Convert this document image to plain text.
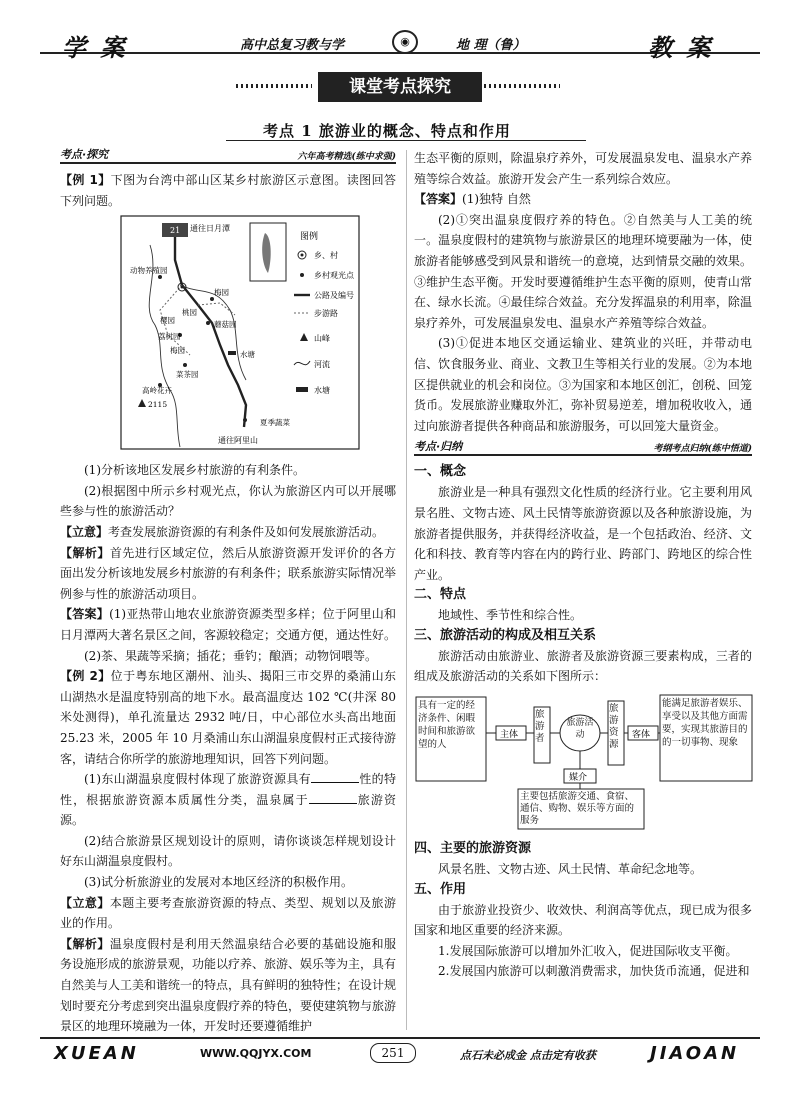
学 案	高中总复习教与学	◉	地 理（鲁）	教 案
课堂考点探究
考点 1 旅游业的概念、特点和作用
考点·探究	六年高考精选(练中求强)

【例 1】下图为台湾中部山区某乡村旅游区示意图。读图回答下列问题。

通往日月潭
21
动物养殖园
桃园
梅园
蘑菇园
樱园
荔树园
梅园
菜茶园
水塘
高岭花卉
2115
夏季蔬菜
通往阿里山
图例
乡、村
乡村观光点
公路及编号
步游路
山峰
河流
水塘

(1)分析该地区发展乡村旅游的有利条件。

(2)根据图中所示乡村观光点，你认为旅游区内可以开展哪些参与性的旅游活动？

【立意】考查发展旅游资源的有利条件及如何发展旅游活动。

【解析】首先进行区域定位，然后从旅游资源开发评价的各方面出发分析该地发展乡村旅游的有利条件；联系旅游实际情况举例参与性的旅游活动项目。

【答案】(1)亚热带山地农业旅游资源类型多样；位于阿里山和日月潭两大著名景区之间，客源较稳定；交通方便，通达性好。

(2)茶、果蔬等采摘；插花；垂钓；酿酒；动物饲喂等。

【例 2】位于粤东地区潮州、汕头、揭阳三市交界的桑浦山东山湖热水是温度特别高的地下水。最高温度达 102 ℃(井深 80 米处测得)，单孔流量达 2932 吨/日，中心部位水头高出地面 25.23 米，2005 年 10 月桑浦山东山湖温泉度假村正式接待游客，请结合你所学的旅游地理知识，回答下列问题。

(1)东山湖温泉度假村体现了旅游资源具有	性的特性，根据旅游资源本质属性分类，温泉属于	旅游资源。

(2)结合旅游景区规划设计的原则，请你谈谈怎样规划设计好东山湖温泉度假村。

(3)试分析旅游业的发展对本地区经济的积极作用。

【立意】本题主要考查旅游资源的特点、类型、规划以及旅游业的作用。

【解析】温泉度假村是利用天然温泉结合必要的基础设施和服务设施形成的旅游景观，功能以疗养、旅游、娱乐等为主，具有自然美与人工美和谐统一的特点，具有鲜明的独特性；在设计规划时要充分考虑到突出温泉度假疗养的特色，要使建筑物与旅游景区的地理环境融为一体，开发时还要遵循维护

生态平衡的原则，除温泉疗养外，可发展温泉发电、温泉水产养殖等综合效益。旅游开发会产生一系列综合效应。

【答案】(1)独特 自然

(2)①突出温泉度假疗养的特色。②自然美与人工美的统一。温泉度假村的建筑物与旅游景区的地理环境要融为一体，使旅游者能够感受到风景和谐统一的意境，达到情景交融的效果。③维护生态平衡。开发时要遵循维护生态平衡的原则，使青山常在、绿水长流。④最佳综合效益。充分发挥温泉的利用率，除温泉疗养外，可发展温泉发电、温泉水产养殖等综合效益。

(3)①促进本地区交通运输业、建筑业的兴旺，并带动电信、饮食服务业、商业、文教卫生等相关行业的发展。②为本地区提供就业的机会和岗位。③为国家和本地区创汇，创税、回笼货币。发展旅游业赚取外汇，弥补贸易逆差，增加税收收入，通过向旅游者提供各种商品和旅游服务，可以回笼大量资金。

考点·归纳	考纲考点归纳(练中悟道)

一、概念

旅游业是一种具有强烈文化性质的经济行业。它主要利用风景名胜、文物古迹、风土民情等旅游资源以及各种旅游设施，为旅游者提供服务，并获得经济收益，是一个包括政治、经济、文化和科技、教育等内容在内的跨行业、跨部门、跨地区的综合性产业。

二、特点

地域性、季节性和综合性。

三、旅游活动的构成及相互关系

旅游活动由旅游业、旅游者及旅游资源三要素构成，三者的组成及旅游活动的关系如下图所示：

具有一定的经济条件、闲暇时间和旅游欲望的人
主体
旅游者
旅游活动
旅游资源
客体
能满足旅游者娱乐、享受以及其他方面需要，实现其旅游目的的一切事物、现象
媒介
主要包括旅游交通、食宿、通信、购物、娱乐等方面的服务

四、主要的旅游资源

风景名胜、文物古迹、风土民情、革命纪念地等。

五、作用

由于旅游业投资少、收效快、利润高等优点，现已成为很多国家和地区重要的经济来源。

1.发展国际旅游可以增加外汇收入，促进国际收支平衡。

2.发展国内旅游可以刺激消费需求，加快货币流通，促进和

XUEAN	WWW.QQJYX.COM	251	点石未必成金 点击定有收获	JIAOAN
